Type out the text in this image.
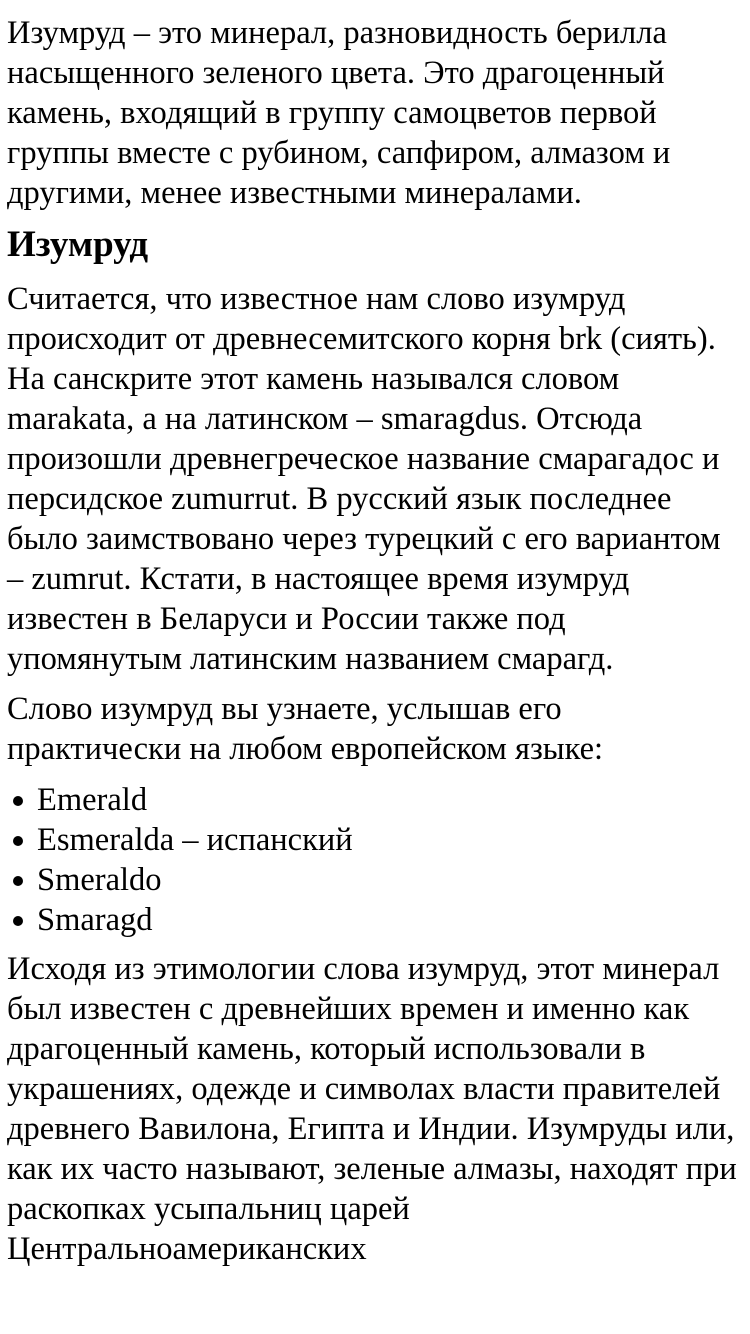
Изумруд – это минерал, разновидность берилла насыщенного зеленого цвета. Это драгоценный камень, входящий в группу самоцветов первой группы вместе с рубином, сапфиром, алмазом и другими, менее известными минералами.

Изумруд

Считается, что известное нам слово изумруд происходит от древнесемитского корня brk (сиять). На санскрите этот камень назывался словом marakata, а на латинском – smaragdus. Отсюда произошли древнегреческое название смарагадос и персидское zumurrut. В русский язык последнее было заимствовано через турецкий с его вариантом – zumrut. Кстати, в настоящее время изумруд известен в Беларуси и России также под упомянутым латинским названием смарагд.

Слово изумруд вы узнаете, услышав его практически на любом европейском языке:

Emerald
Esmeralda – испанский
Smeraldo
Smaragd

Исходя из этимологии слова изумруд, этот минерал был известен с древнейших времен и именно как драгоценный камень, который использовали в украшениях, одежде и символах власти правителей древнего Вавилона, Египта и Индии. Изумруды или, как их часто называют, зеленые алмазы, находят при раскопках усыпальниц царей Центральноамериканских
